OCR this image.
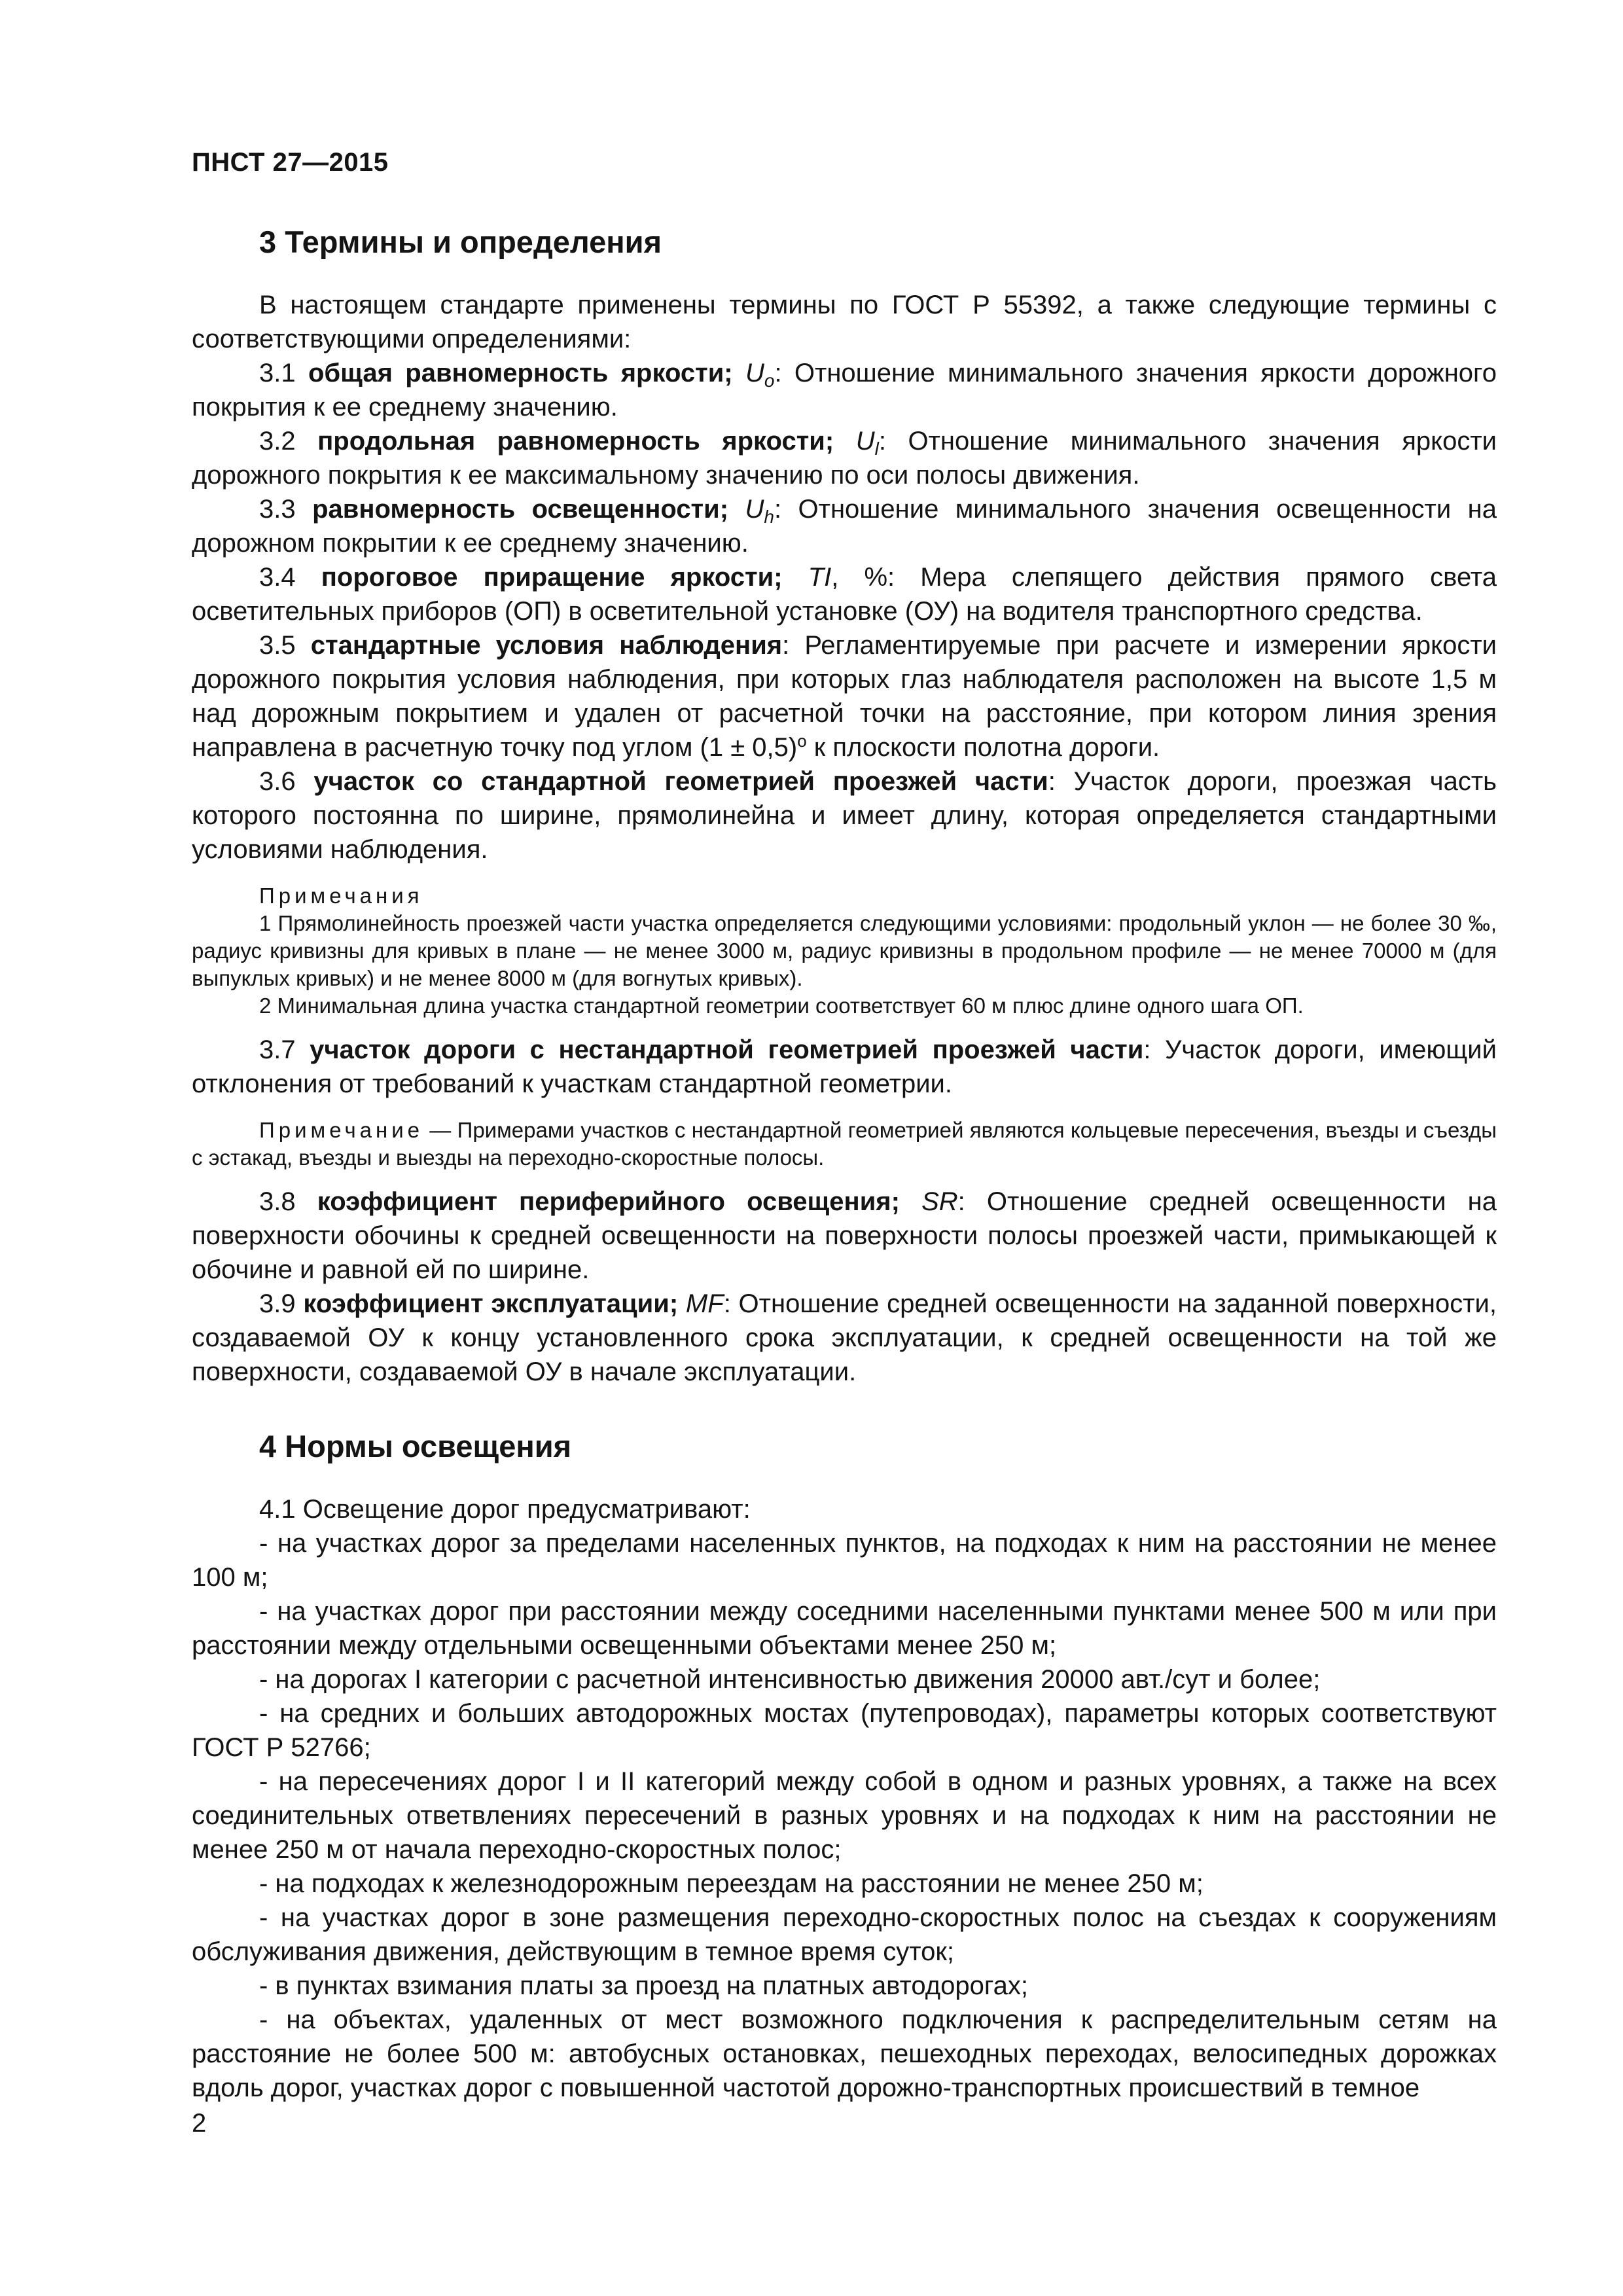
ПНСТ 27—2015
3 Термины и определения

В настоящем стандарте применены термины по ГОСТ Р 55392, а также следующие термины с соответствующими определениями:

3.1 общая равномерность яркости; $U_o$: Отношение минимального значения яркости дорожного покрытия к ее среднему значению.

3.2 продольная равномерность яркости; $U_l$: Отношение минимального значения яркости дорожного покрытия к ее максимальному значению по оси полосы движения.

3.3 равномерность освещенности; $U_h$: Отношение минимального значения освещенности на дорожном покрытии к ее среднему значению.

3.4 пороговое приращение яркости; TI, %: Мера слепящего действия прямого света осветительных приборов (ОП) в осветительной установке (ОУ) на водителя транспортного средства.

3.5 стандартные условия наблюдения: Регламентируемые при расчете и измерении яркости дорожного покрытия условия наблюдения, при которых глаз наблюдателя расположен на высоте 1,5 м над дорожным покрытием и удален от расчетной точки на расстояние, при котором линия зрения направлена в расчетную точку под углом $(1 \pm 0,5)^о$ к плоскости полотна дороги.

3.6 участок со стандартной геометрией проезжей части: Участок дороги, проезжая часть которого постоянна по ширине, прямолинейна и имеет длину, которая определяется стандартными условиями наблюдения.

Примечания

1 Прямолинейность проезжей части участка определяется следующими условиями: продольный уклон — не более 30 ‰, радиус кривизны для кривых в плане — не менее 3000 м, радиус кривизны в продольном профиле — не менее 70000 м (для выпуклых кривых) и не менее 8000 м (для вогнутых кривых).

2 Минимальная длина участка стандартной геометрии соответствует 60 м плюс длине одного шага ОП.

3.7 участок дороги с нестандартной геометрией проезжей части: Участок дороги, имеющий отклонения от требований к участкам стандартной геометрии.

Примечание — Примерами участков с нестандартной геометрией являются кольцевые пересечения, въезды и съезды с эстакад, въезды и выезды на переходно-скоростные полосы.

3.8 коэффициент периферийного освещения; SR: Отношение средней освещенности на поверхности обочины к средней освещенности на поверхности полосы проезжей части, примыкающей к обочине и равной ей по ширине.

3.9 коэффициент эксплуатации; MF: Отношение средней освещенности на заданной поверхности, создаваемой ОУ к концу установленного срока эксплуатации, к средней освещенности на той же поверхности, создаваемой ОУ в начале эксплуатации.

4 Нормы освещения

4.1 Освещение дорог предусматривают:

- на участках дорог за пределами населенных пунктов, на подходах к ним на расстоянии не менее 100 м;

- на участках дорог при расстоянии между соседними населенными пунктами менее 500 м или при расстоянии между отдельными освещенными объектами менее 250 м;

- на дорогах I категории с расчетной интенсивностью движения 20000 авт./сут и более;

- на средних и больших автодорожных мостах (путепроводах), параметры которых соответствуют ГОСТ Р 52766;

- на пересечениях дорог I и II категорий между собой в одном и разных уровнях, а также на всех соединительных ответвлениях пересечений в разных уровнях и на подходах к ним на расстоянии не менее 250 м от начала переходно-скоростных полос;

- на подходах к железнодорожным переездам на расстоянии не менее 250 м;

- на участках дорог в зоне размещения переходно-скоростных полос на съездах к сооружениям обслуживания движения, действующим в темное время суток;

- в пунктах взимания платы за проезд на платных автодорогах;

- на объектах, удаленных от мест возможного подключения к распределительным сетям на расстояние не более 500 м: автобусных остановках, пешеходных переходах, велосипедных дорожках вдоль дорог, участках дорог с повышенной частотой дорожно-транспортных происшествий в темное

2
